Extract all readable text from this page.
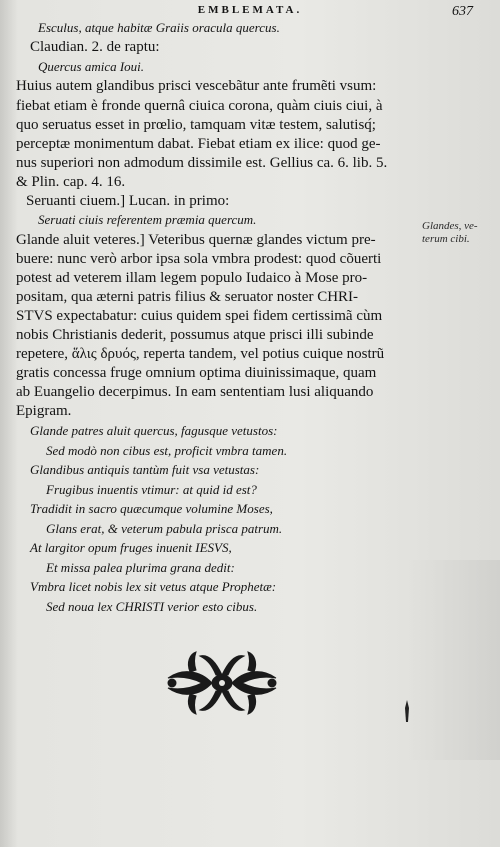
EMBLEMATA.	637
Esculus, atque habitæ Graiis oracula quercus.
Claudian. 2. de raptu:
Quercus amica Ioui.
Huius autem glandibus prisci vescebãtur ante frumẽti vsum:
fiebat etiam è fronde quernâ ciuica corona, quàm ciuis ciui, à
quo seruatus esset in prœlio, tamquam vitæ testem, salutisq́;
perceptæ monimentum dabat. Fiebat etiam ex ilice: quod ge-
nus superiori non admodum dissimile est. Gellius ca. 6. lib. 5.
& Plin. cap. 4. 16.
Seruanti ciuem.] Lucan. in primo:
Seruati ciuis referentem præmia quercum.
Glande aluit veteres.] Veteribus quernæ glandes victum pre-
buere: nunc verò arbor ipsa sola vmbra prodest: quod cõuerti
potest ad veterem illam legem populo Iudaico à Mose pro-
positam, qua æterni patris filius & seruator noster CHRI-
STVS expectabatur: cuius quidem spei fidem certissimã cùm
nobis Christianis dederit, possumus atque prisci illi subinde
repetere, ἅλις δρυός, reperta tandem, vel potius cuique nostrũ
gratis concessa fruge omnium optima diuinissimaque, quam
ab Euangelio decerpimus. In eam sententiam lusi aliquando
Epigram.
Glande patres aluit quercus, fagusque vetustos:
Sed modò non cibus est, proficit vmbra tamen.
Glandibus antiquis tantùm fuit vsa vetustas:
Frugibus inuentis vtimur: at quid id est?
Tradidit in sacro quæcumque volumine Moses,
Glans erat, & veterum pabula prisca patrum.
At largitor opum fruges inuenit IESVS,
Et missa palea plurima grana dedit:
Vmbra licet nobis lex sit vetus atque Prophetæ:
Sed noua lex CHRISTI verior esto cibus.
Glandes, ve-terum cibi.
